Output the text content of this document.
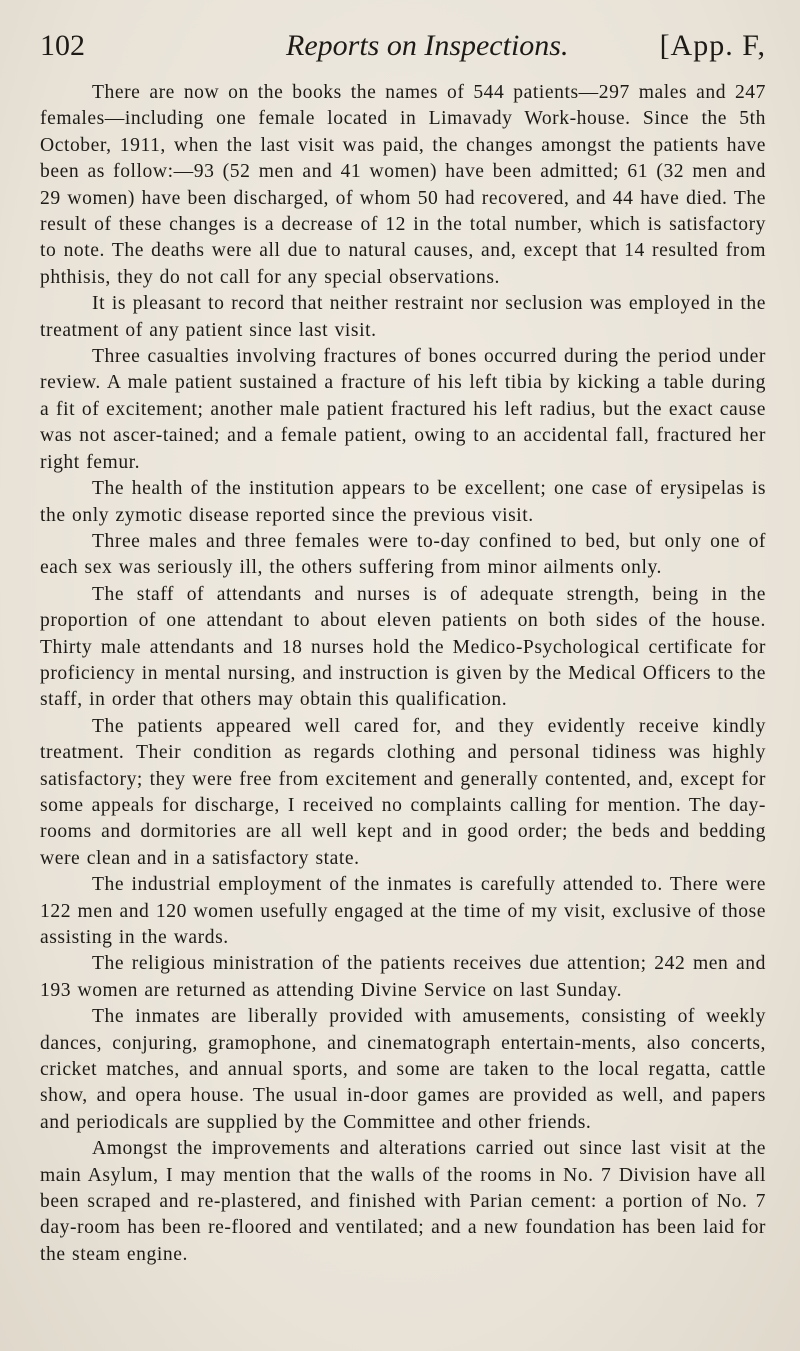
102	Reports on Inspections.	[App. F,

There are now on the books the names of 544 patients—297 males and 247 females—including one female located in Limavady Work-house. Since the 5th October, 1911, when the last visit was paid, the changes amongst the patients have been as follow:—93 (52 men and 41 women) have been admitted; 61 (32 men and 29 women) have been discharged, of whom 50 had recovered, and 44 have died. The result of these changes is a decrease of 12 in the total number, which is satisfactory to note. The deaths were all due to natural causes, and, except that 14 resulted from phthisis, they do not call for any special observations.

It is pleasant to record that neither restraint nor seclusion was employed in the treatment of any patient since last visit.

Three casualties involving fractures of bones occurred during the period under review. A male patient sustained a fracture of his left tibia by kicking a table during a fit of excitement; another male patient fractured his left radius, but the exact cause was not ascer-tained; and a female patient, owing to an accidental fall, fractured her right femur.

The health of the institution appears to be excellent; one case of erysipelas is the only zymotic disease reported since the previous visit.

Three males and three females were to-day confined to bed, but only one of each sex was seriously ill, the others suffering from minor ailments only.

The staff of attendants and nurses is of adequate strength, being in the proportion of one attendant to about eleven patients on both sides of the house. Thirty male attendants and 18 nurses hold the Medico-Psychological certificate for proficiency in mental nursing, and instruction is given by the Medical Officers to the staff, in order that others may obtain this qualification.

The patients appeared well cared for, and they evidently receive kindly treatment. Their condition as regards clothing and personal tidiness was highly satisfactory; they were free from excitement and generally contented, and, except for some appeals for discharge, I received no complaints calling for mention. The day-rooms and dormitories are all well kept and in good order; the beds and bedding were clean and in a satisfactory state.

The industrial employment of the inmates is carefully attended to. There were 122 men and 120 women usefully engaged at the time of my visit, exclusive of those assisting in the wards.

The religious ministration of the patients receives due attention; 242 men and 193 women are returned as attending Divine Service on last Sunday.

The inmates are liberally provided with amusements, consisting of weekly dances, conjuring, gramophone, and cinematograph entertain-ments, also concerts, cricket matches, and annual sports, and some are taken to the local regatta, cattle show, and opera house. The usual in-door games are provided as well, and papers and periodicals are supplied by the Committee and other friends.

Amongst the improvements and alterations carried out since last visit at the main Asylum, I may mention that the walls of the rooms in No. 7 Division have all been scraped and re-plastered, and finished with Parian cement: a portion of No. 7 day-room has been re-floored and ventilated; and a new foundation has been laid for the steam engine.
